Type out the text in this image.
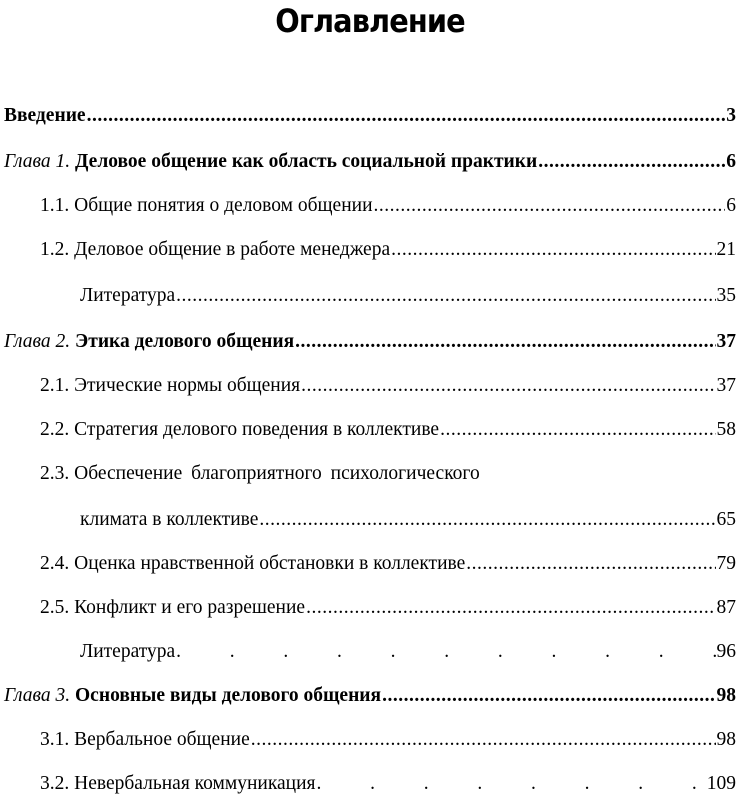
Оглавление
Введение .....	3
Глава 1. Деловое общение как область социальной практики .....	6
1.1. Общие понятия о деловом общении .....	6
1.2. Деловое общение в работе менеджера .....	21
Литература .....	35
Глава 2. Этика делового общения .....	37
2.1. Этические нормы общения .....	37
2.2. Стратегия делового поведения в коллективе .....	58
2.3. Обеспечение благоприятного психологического
климата в коллективе .....	65
2.4. Оценка нравственной обстановки в коллективе .....	79
2.5. Конфликт и его разрешение .....	87
Литература .	96
Глава 3. Основные виды делового общения .....	98
3.1. Вербальное общение .....	98
3.2. Невербальная коммуникация .	109
